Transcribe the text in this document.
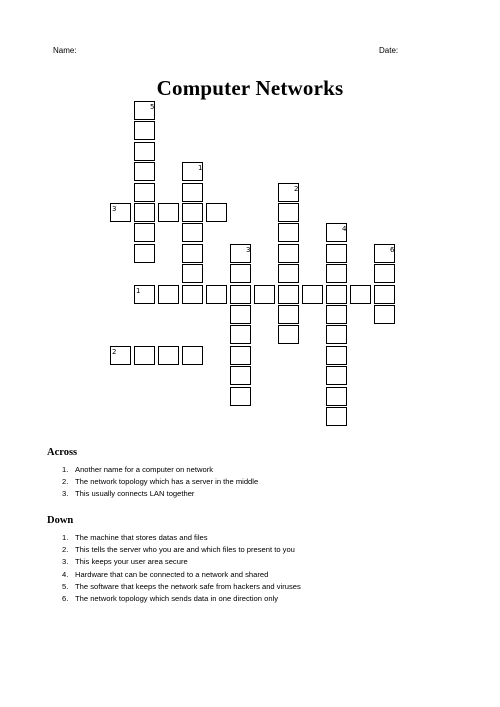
Name:	Date:
Computer Networks
5
1
2
3
4
6
3
1
2
Across
1. Another name for a computer on network
2. The network topology which has a server in the middle
3. This usually connects LAN together
Down
1. The machine that stores datas and files
2. This tells the server who you are and which files to present to you
3. This keeps your user area secure
4. Hardware that can be connected to a network and shared
5. The software that keeps the network safe from hackers and viruses
6. The network topology which sends data in one direction only
